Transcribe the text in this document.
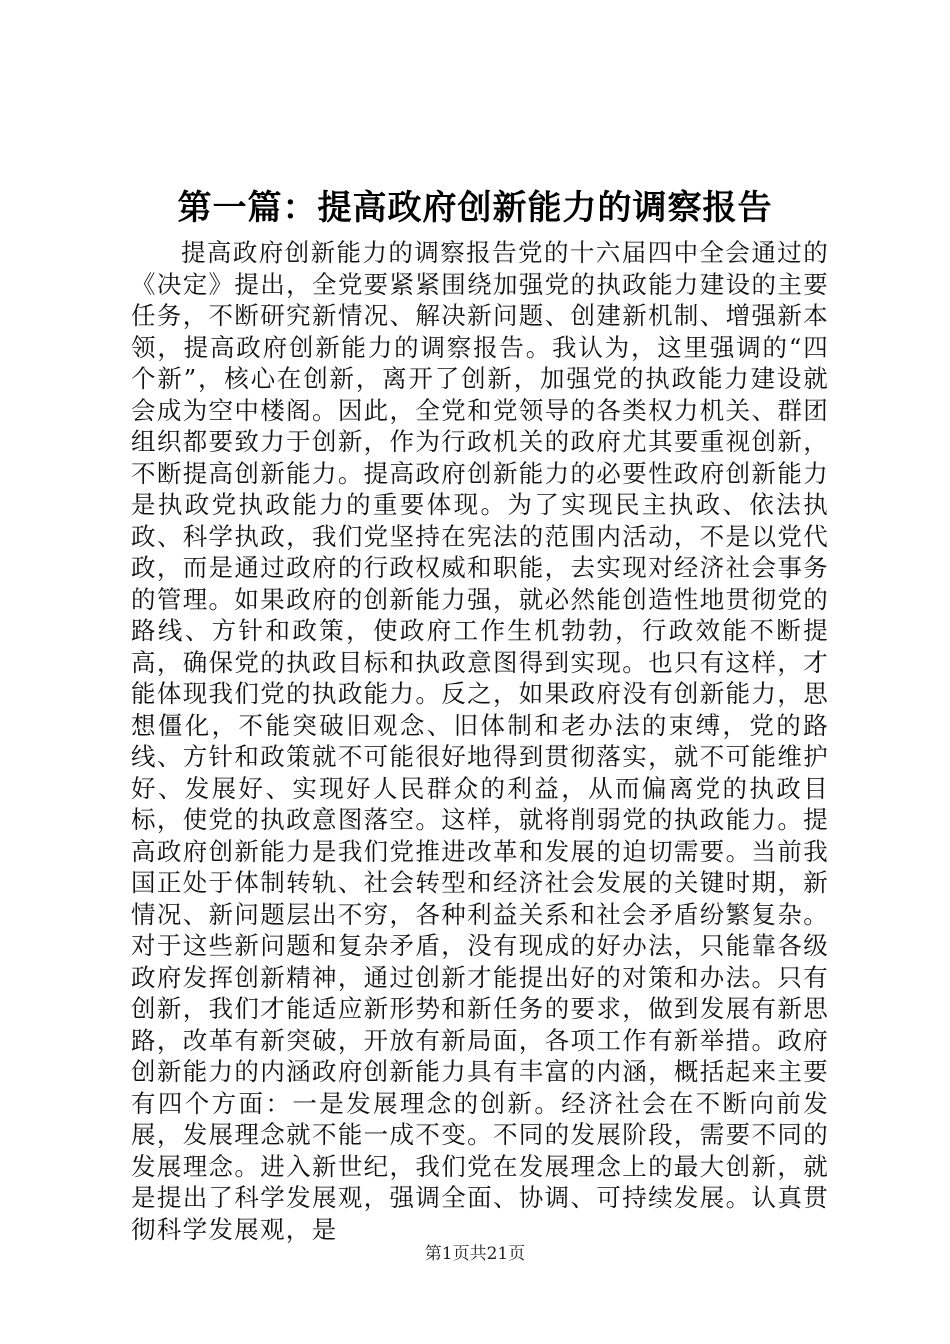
第一篇：提高政府创新能力的调察报告

提高政府创新能力的调察报告党的十六届四中全会通过的《决定》提出，全党要紧紧围绕加强党的执政能力建设的主要任务，不断研究新情况、解决新问题、创建新机制、增强新本领，提高政府创新能力的调察报告。我认为，这里强调的“四个新”，核心在创新，离开了创新，加强党的执政能力建设就会成为空中楼阁。因此，全党和党领导的各类权力机关、群团组织都要致力于创新，作为行政机关的政府尤其要重视创新，不断提高创新能力。提高政府创新能力的必要性政府创新能力是执政党执政能力的重要体现。为了实现民主执政、依法执政、科学执政，我们党坚持在宪法的范围内活动，不是以党代政，而是通过政府的行政权威和职能，去实现对经济社会事务的管理。如果政府的创新能力强，就必然能创造性地贯彻党的路线、方针和政策，使政府工作生机勃勃，行政效能不断提高，确保党的执政目标和执政意图得到实现。也只有这样，才能体现我们党的执政能力。反之，如果政府没有创新能力，思想僵化，不能突破旧观念、旧体制和老办法的束缚，党的路线、方针和政策就不可能很好地得到贯彻落实，就不可能维护好、发展好、实现好人民群众的利益，从而偏离党的执政目标，使党的执政意图落空。这样，就将削弱党的执政能力。提高政府创新能力是我们党推进改革和发展的迫切需要。当前我国正处于体制转轨、社会转型和经济社会发展的关键时期，新情况、新问题层出不穷，各种利益关系和社会矛盾纷繁复杂。对于这些新问题和复杂矛盾，没有现成的好办法，只能靠各级政府发挥创新精神，通过创新才能提出好的对策和办法。只有创新，我们才能适应新形势和新任务的要求，做到发展有新思路，改革有新突破，开放有新局面，各项工作有新举措。政府创新能力的内涵政府创新能力具有丰富的内涵，概括起来主要有四个方面：一是发展理念的创新。经济社会在不断向前发展，发展理念就不能一成不变。不同的发展阶段，需要不同的发展理念。进入新世纪，我们党在发展理念上的最大创新，就是提出了科学发展观，强调全面、协调、可持续发展。认真贯彻科学发展观，是

第1页共21页
